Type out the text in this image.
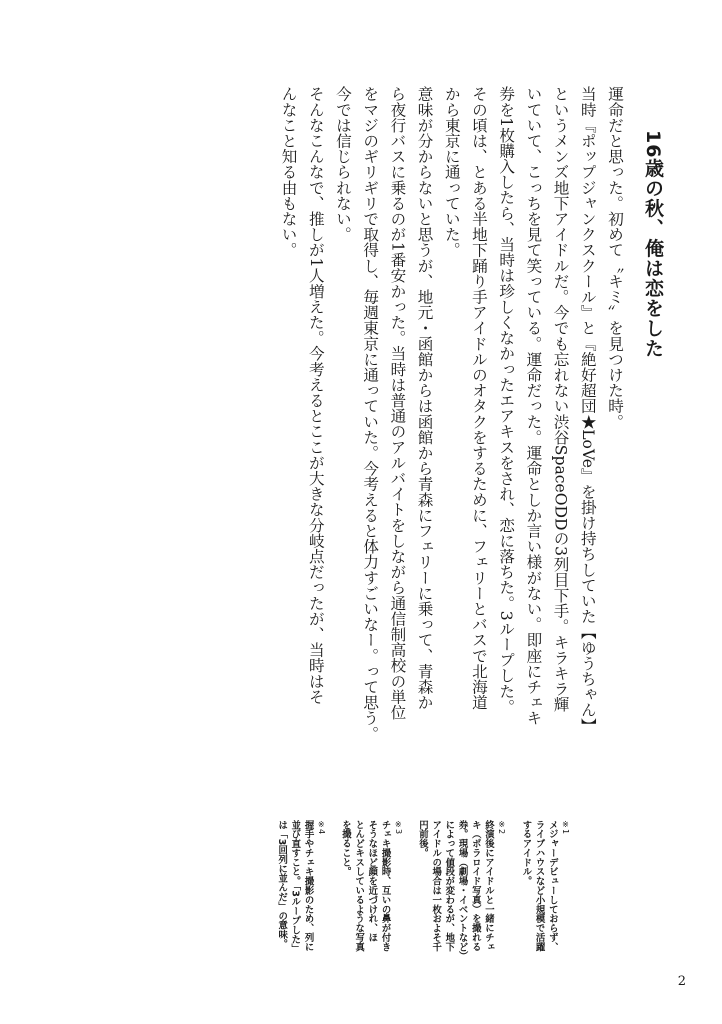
16歳の秋、俺は恋をした

運命だと思った。初めて〝キミ〟を見つけた時。
当時『ポップジャンクスクール』と『絶好超団★LoVe』を掛け持ちしていた【ゆうちゃん】
というメンズ地下アイドルだ。今でも忘れない渋谷SpaceODDの3列目下手。キラキラ輝
いていて、こっちを見て笑っている。運命だった。運命としか言い様がない。即座にチェキ
券を1枚購入したら、当時は珍しくなかったエアキスをされ、恋に落ちた。3ループした。
その頃は、とある半地下踊り手アイドルのオタクをするために、フェリーとバスで北海道
から東京に通っていた。

意味が分からないと思うが、地元・函館からは函館から青森にフェリーに乗って、青森か
ら夜行バスに乗るのが1番安かった。当時は普通のアルバイトをしながら通信制高校の単位
をマジのギリギリで取得し、毎週東京に通っていた。今考えると体力すごいなー。って思う。
今では信じられない。

そんなこんなで、推しが1人増えた。今考えるとここが大きな分岐点だったが、当時はそ
んなこと知る由もない。

※1
メジャーデビューしておらず、
ライブハウスなど小規模で活躍
するアイドル。
※2
終演後にアイドルと一緒にチェ
キ（ポラロイド写真）を撮れる
券。現場（劇場・イベントなど）
によって値段が変わるが、地下
アイドルの場合は一枚およそ千
円前後。
※3
チェキ撮影時、互いの鼻が付き
そうなほど顔を近づけれ、ほ
とんどキスしているような写真
を撮ること。
※4
握手やチェキ撮影のため、列に
並び直すこと。「3ループした」
は「3回列に並んだ」の意味。

2
